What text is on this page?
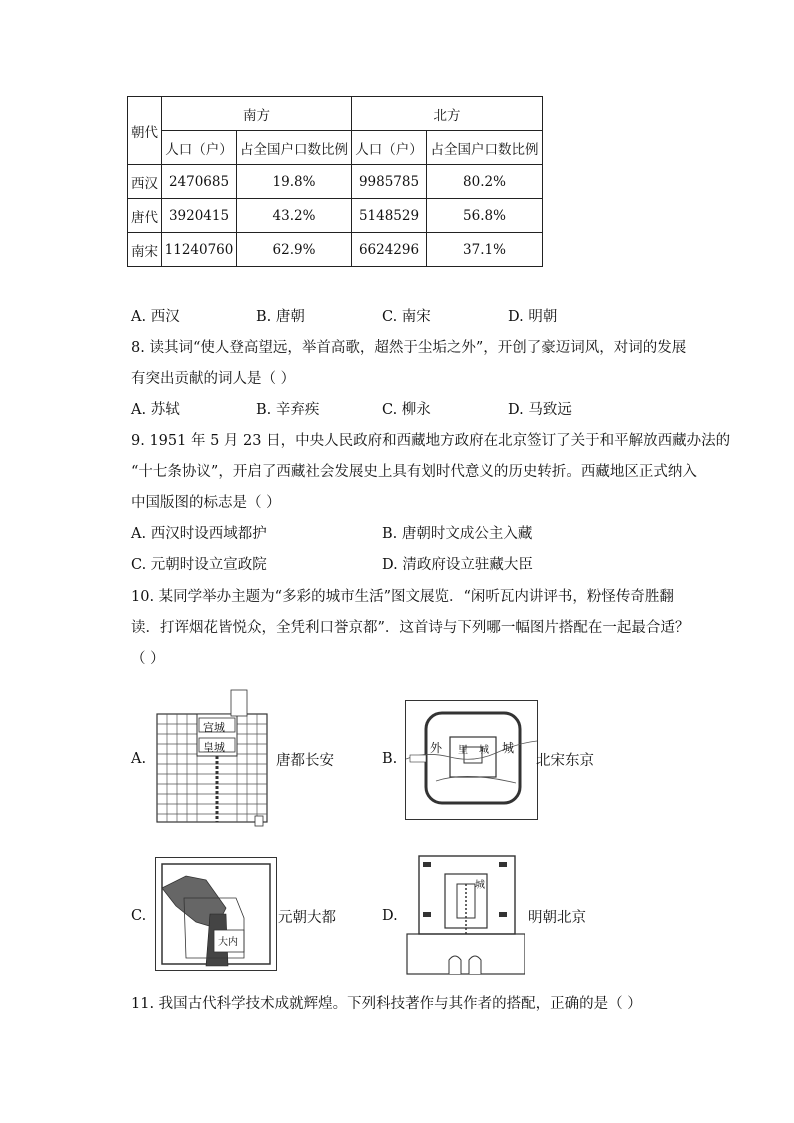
朝代	南方		北方	
	人口（户）	占全国户口数比例	人口（户）	占全国户口数比例
西汉	2470685	19.8%	9985785	80.2%
唐代	3920415	43.2%	5148529	56.8%
南宋	11240760	62.9%	6624296	37.1%
A. 西汉	B. 唐朝	C. 南宋	D. 明朝
8. 读其词“使人登高望远，举首高歌，超然于尘垢之外”，开创了豪迈词风，对词的发展
有突出贡献的词人是（ ）
A. 苏轼	B. 辛弃疾	C. 柳永	D. 马致远
9. 1951 年 5 月 23 日，中央人民政府和西藏地方政府在北京签订了关于和平解放西藏办法的
“十七条协议”，开启了西藏社会发展史上具有划时代意义的历史转折。西藏地区正式纳入
中国版图的标志是（ ）
A. 西汉时设西域都护	B. 唐朝时文成公主入藏
C. 元朝时设立宣政院	D. 清政府设立驻藏大臣
10. 某同学举办主题为“多彩的城市生活”图文展览．“闲听瓦内讲评书，粉怪传奇胜翻
读．打诨烟花皆悦众，全凭利口誉京都”．这首诗与下列哪一幅图片搭配在一起最合适？
（ ）
A.
宫城
皇城
唐都长安	B.
外 里 城 城
北宋东京
C.
大内
元朝大都	D.
城
明朝北京
11. 我国古代科学技术成就辉煌。下列科技著作与其作者的搭配，正确的是（ ）
